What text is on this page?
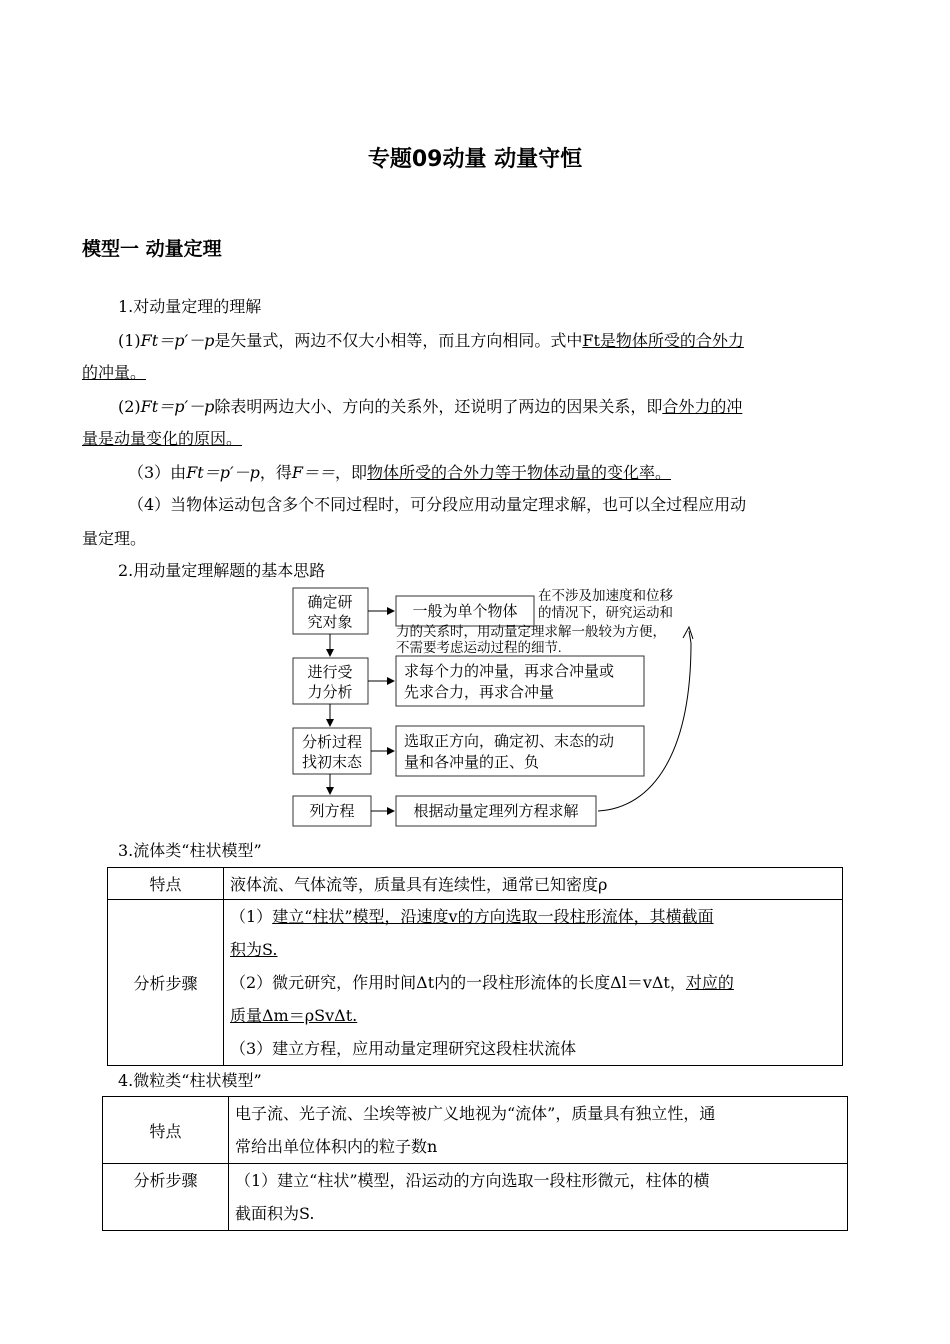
专题09动量 动量守恒
模型一 动量定理
1.对动量定理的理解
(1)Ft＝p′－p是矢量式，两边不仅大小相等，而且方向相同。式中Ft是物体所受的合外力
的冲量。
(2)Ft＝p′－p除表明两边大小、方向的关系外，还说明了两边的因果关系，即合外力的冲
量是动量变化的原因。
（3）由Ft＝p′－p，得F＝＝，即物体所受的合外力等于物体动量的变化率。
（4）当物体运动包含多个不同过程时，可分段应用动量定理求解，也可以全过程应用动
量定理。
2.用动量定理解题的基本思路
确定研
究对象
进行受
力分析
分析过程
找初末态
列方程
一般为单个物体
求每个力的冲量，再求合冲量或
先求合力，再求合冲量
选取正方向，确定初、末态的动
量和各冲量的正、负
根据动量定理列方程求解
在不涉及加速度和位移
的情况下，研究运动和
力的关系时，用动量定理求解一般较为方便，
不需要考虑运动过程的细节.
3.流体类“柱状模型”
特点	液体流、气体流等，质量具有连续性，通常已知密度ρ
分析步骤	（1）建立“柱状”模型，沿速度v的方向选取一段柱形流体，其横截面
积为S.
（2）微元研究，作用时间Δt内的一段柱形流体的长度Δl＝vΔt，对应的
质量Δm＝ρSvΔt.
（3）建立方程，应用动量定理研究这段柱状流体
4.微粒类“柱状模型”
特点	电子流、光子流、尘埃等被广义地视为“流体”，质量具有独立性，通
常给出单位体积内的粒子数n

分析步骤	（1）建立“柱状”模型，沿运动的方向选取一段柱形微元，柱体的横
截面积为S.
